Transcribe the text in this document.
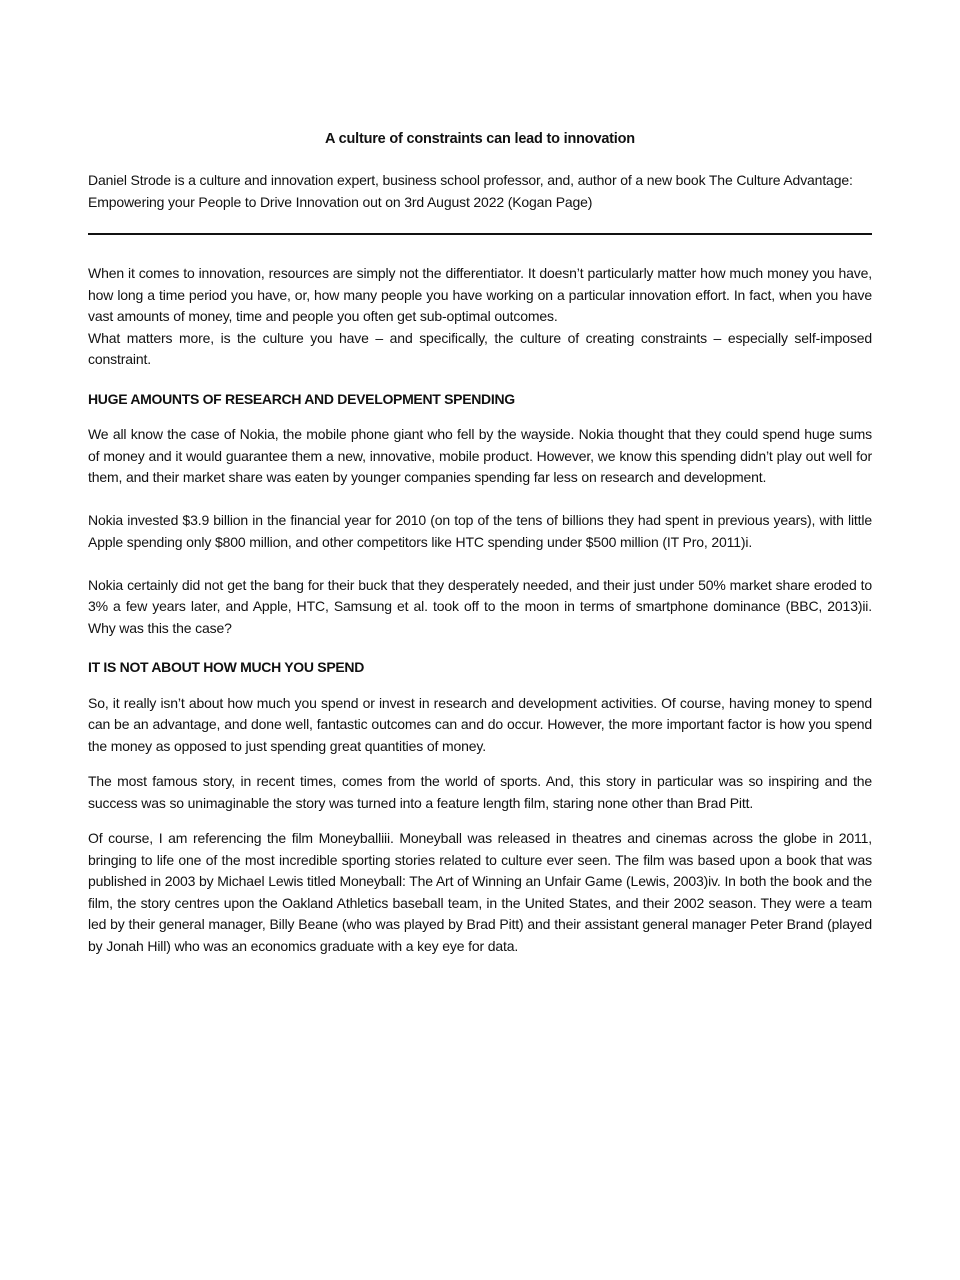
A culture of constraints can lead to innovation

Daniel Strode is a culture and innovation expert, business school professor, and, author of a new book The Culture Advantage: Empowering your People to Drive Innovation out on 3rd August 2022 (Kogan Page)

When it comes to innovation, resources are simply not the differentiator. It doesn’t particularly matter how much money you have, how long a time period you have, or, how many people you have working on a particular innovation effort. In fact, when you have vast amounts of money, time and people you often get sub-optimal outcomes.

What matters more, is the culture you have – and specifically, the culture of creating constraints – especially self-imposed constraint.

HUGE AMOUNTS OF RESEARCH AND DEVELOPMENT SPENDING

We all know the case of Nokia, the mobile phone giant who fell by the wayside. Nokia thought that they could spend huge sums of money and it would guarantee them a new, innovative, mobile product. However, we know this spending didn’t play out well for them, and their market share was eaten by younger companies spending far less on research and development.

Nokia invested $3.9 billion in the financial year for 2010 (on top of the tens of billions they had spent in previous years), with little Apple spending only $800 million, and other competitors like HTC spending under $500 million (IT Pro, 2011)i.

Nokia certainly did not get the bang for their buck that they desperately needed, and their just under 50% market share eroded to 3% a few years later, and Apple, HTC, Samsung et al. took off to the moon in terms of smartphone dominance (BBC, 2013)ii. Why was this the case?

IT IS NOT ABOUT HOW MUCH YOU SPEND

So, it really isn’t about how much you spend or invest in research and development activities. Of course, having money to spend can be an advantage, and done well, fantastic outcomes can and do occur. However, the more important factor is how you spend the money as opposed to just spending great quantities of money.

The most famous story, in recent times, comes from the world of sports. And, this story in particular was so inspiring and the success was so unimaginable the story was turned into a feature length film, staring none other than Brad Pitt.

Of course, I am referencing the film Moneyballiii. Moneyball was released in theatres and cinemas across the globe in 2011, bringing to life one of the most incredible sporting stories related to culture ever seen. The film was based upon a book that was published in 2003 by Michael Lewis titled Moneyball: The Art of Winning an Unfair Game (Lewis, 2003)iv. In both the book and the film, the story centres upon the Oakland Athletics baseball team, in the United States, and their 2002 season. They were a team led by their general manager, Billy Beane (who was played by Brad Pitt) and their assistant general manager Peter Brand (played by Jonah Hill) who was an economics graduate with a key eye for data.
